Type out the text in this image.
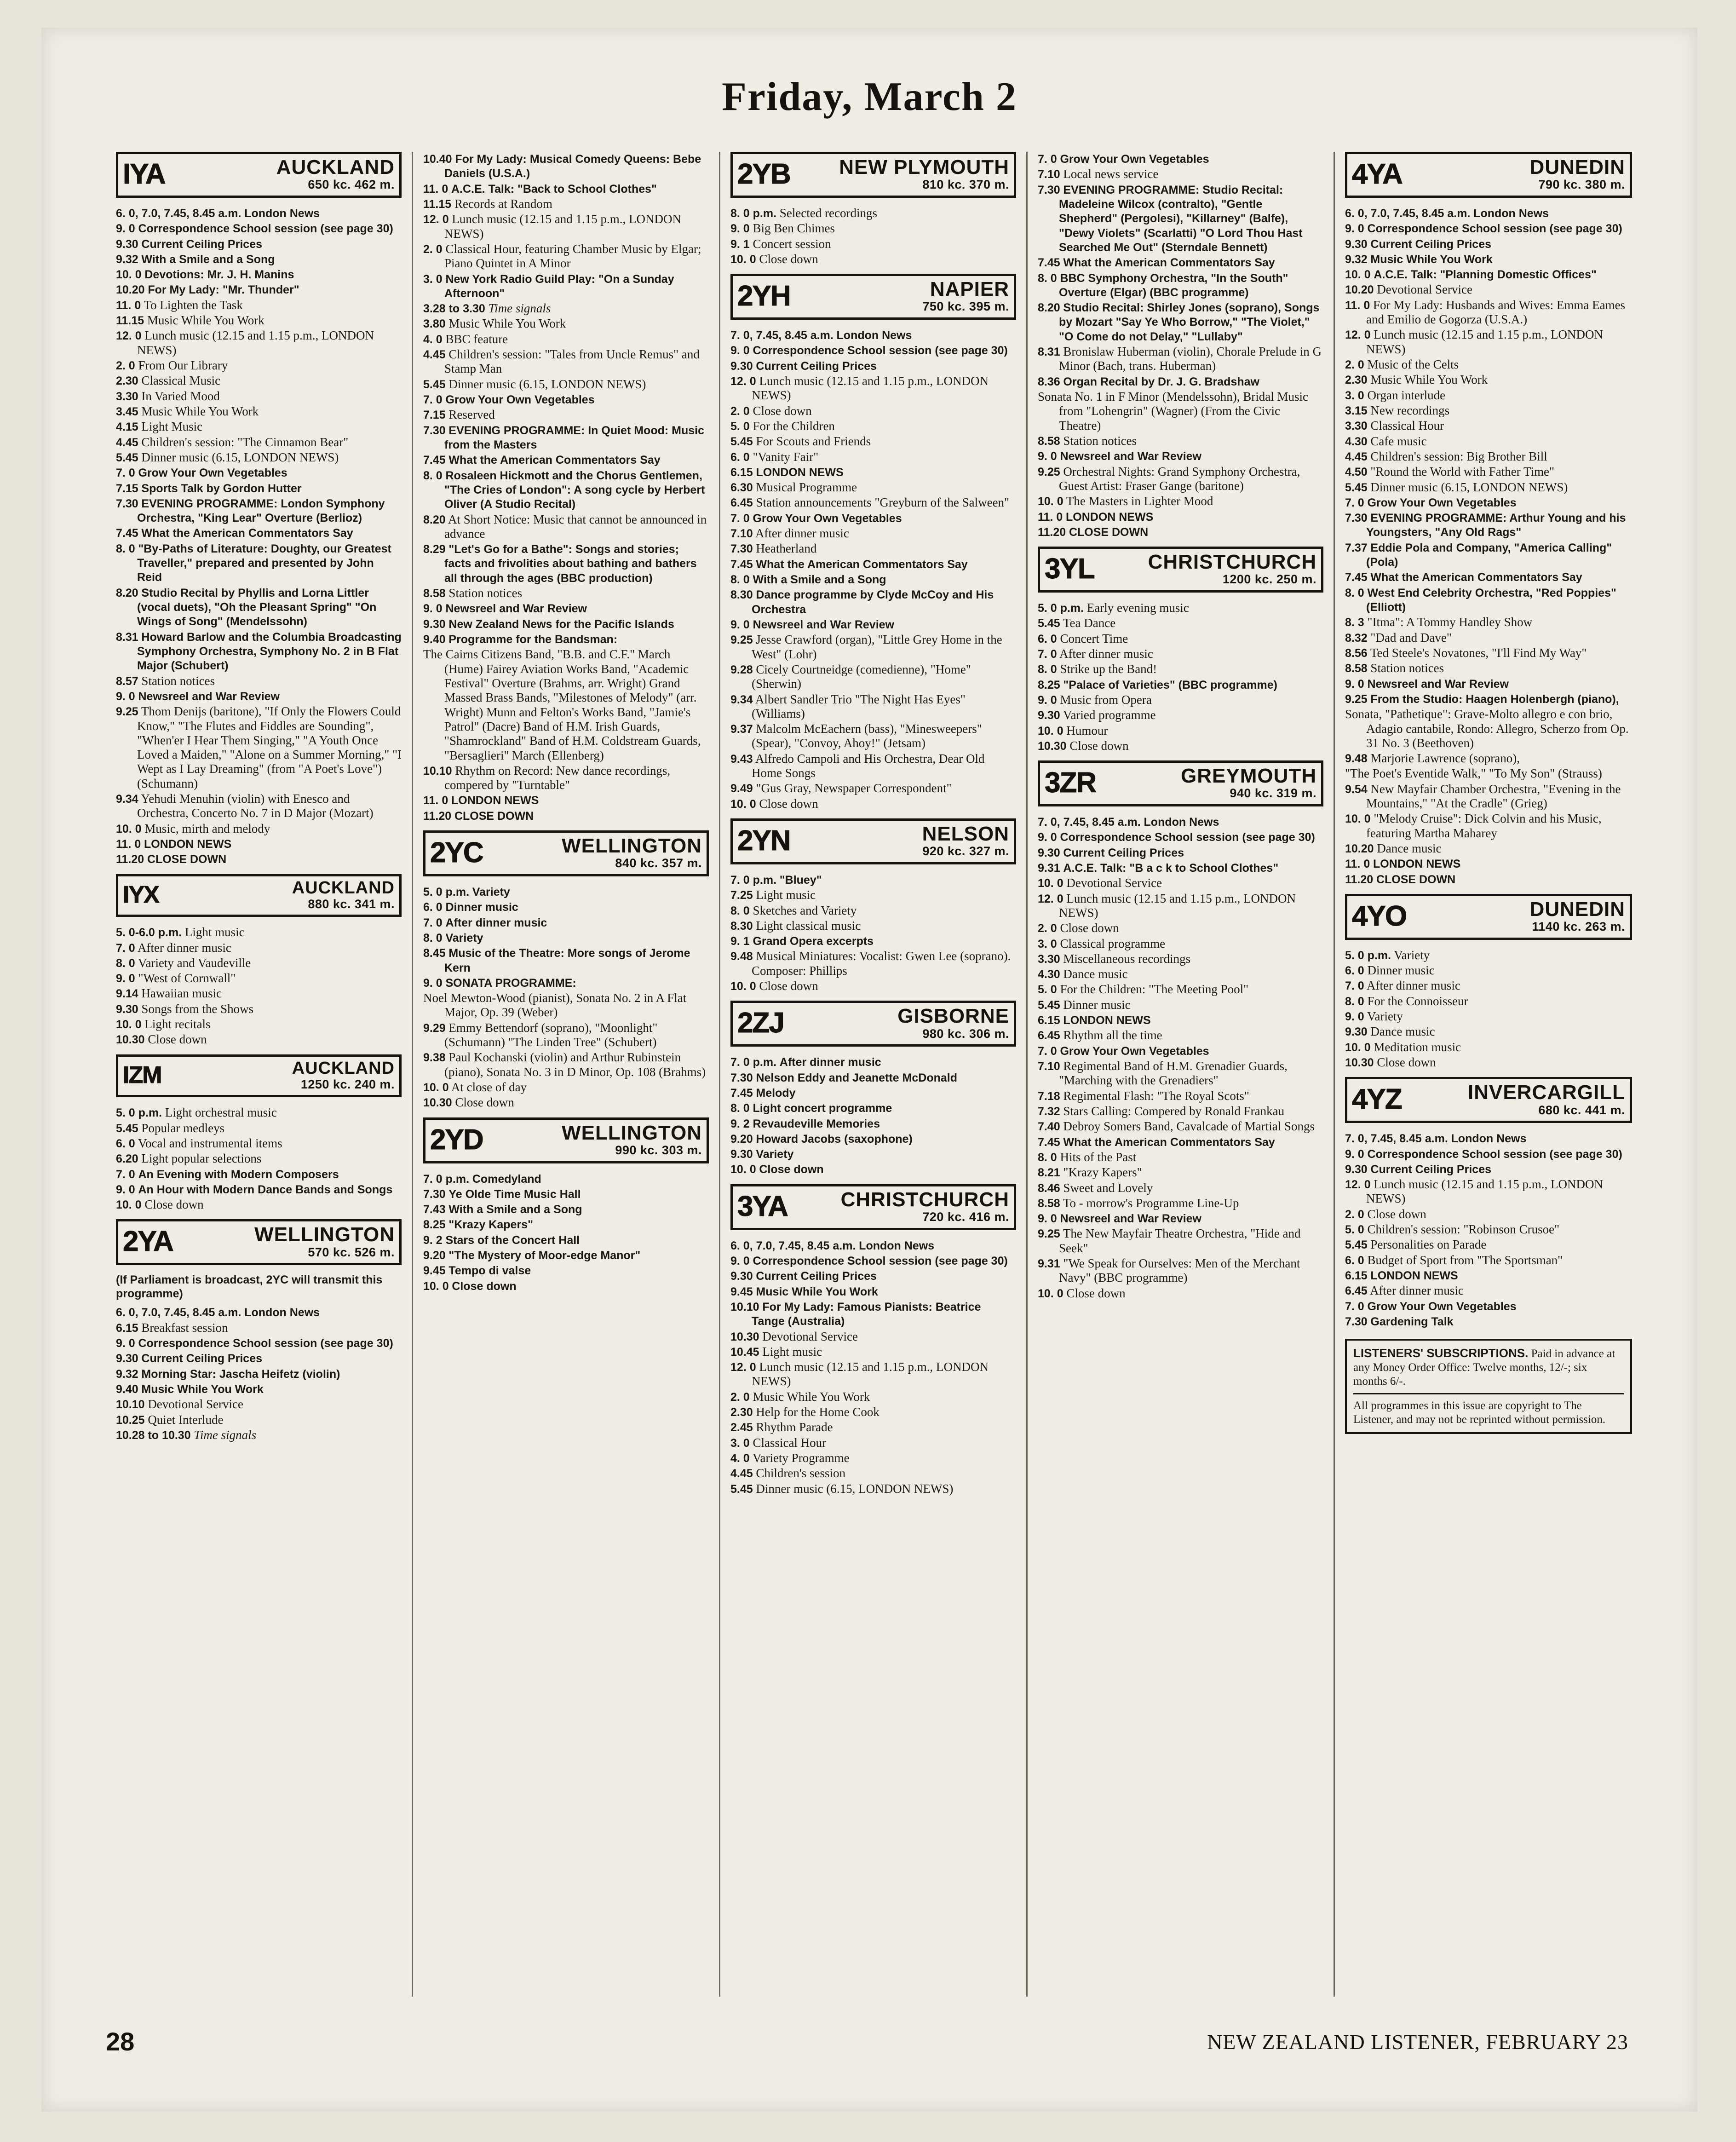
Friday, March 2
IYA	AUCKLAND
650 kc. 462 m.
6. 0, 7.0, 7.45, 8.45 a.m. London News
9. 0 Correspondence School session (see page 30)
9.30 Current Ceiling Prices
9.32 With a Smile and a Song
10. 0 Devotions: Mr. J. H. Manins
10.20 For My Lady: "Mr. Thunder"
11. 0 To Lighten the Task
11.15 Music While You Work
12. 0 Lunch music (12.15 and 1.15 p.m., LONDON NEWS)
2. 0 From Our Library
2.30 Classical Music
3.30 In Varied Mood
3.45 Music While You Work
4.15 Light Music
4.45 Children's session: "The Cinnamon Bear"
5.45 Dinner music (6.15, LONDON NEWS)
7. 0 Grow Your Own Vegetables
7.15 Sports Talk by Gordon Hutter
7.30 EVENING PROGRAMME: London Symphony Orchestra, "King Lear" Overture (Berlioz)
7.45 What the American Commentators Say
8. 0 "By-Paths of Literature: Doughty, our Greatest Traveller," prepared and presented by John Reid
8.20 Studio Recital by Phyllis and Lorna Littler (vocal duets), "Oh the Pleasant Spring" "On Wings of Song" (Mendelssohn)
8.31 Howard Barlow and the Columbia Broadcasting Symphony Orchestra, Symphony No. 2 in B Flat Major (Schubert)
8.57 Station notices
9. 0 Newsreel and War Review
9.25 Thom Denijs (baritone), "If Only the Flowers Could Know," "The Flutes and Fiddles are Sounding", "When'er I Hear Them Singing," "A Youth Once Loved a Maiden," "Alone on a Summer Morning," "I Wept as I Lay Dreaming" (from "A Poet's Love") (Schumann)
9.34 Yehudi Menuhin (violin) with Enesco and Orchestra, Concerto No. 7 in D Major (Mozart)
10. 0 Music, mirth and melody
11. 0 LONDON NEWS
11.20 CLOSE DOWN
IYX	AUCKLAND
880 kc. 341 m.
5. 0-6.0 p.m. Light music
7. 0 After dinner music
8. 0 Variety and Vaudeville
9. 0 "West of Cornwall"
9.14 Hawaiian music
9.30 Songs from the Shows
10. 0 Light recitals
10.30 Close down
IZM	AUCKLAND
1250 kc. 240 m.
5. 0 p.m. Light orchestral music
5.45 Popular medleys
6. 0 Vocal and instrumental items
6.20 Light popular selections
7. 0 An Evening with Modern Composers
9. 0 An Hour with Modern Dance Bands and Songs
10. 0 Close down
2YA	WELLINGTON
570 kc. 526 m.
(If Parliament is broadcast, 2YC will transmit this programme)
6. 0, 7.0, 7.45, 8.45 a.m. London News
6.15 Breakfast session
9. 0 Correspondence School session (see page 30)
9.30 Current Ceiling Prices
9.32 Morning Star: Jascha Heifetz (violin)
9.40 Music While You Work
10.10 Devotional Service
10.25 Quiet Interlude
10.28 to 10.30 Time signals
10.40 For My Lady: Musical Comedy Queens: Bebe Daniels (U.S.A.)
11. 0 A.C.E. Talk: "Back to School Clothes"
11.15 Records at Random
12. 0 Lunch music (12.15 and 1.15 p.m., LONDON NEWS)
2. 0 Classical Hour, featuring Chamber Music by Elgar; Piano Quintet in A Minor
3. 0 New York Radio Guild Play: "On a Sunday Afternoon"
3.28 to 3.30 Time signals
3.80 Music While You Work
4. 0 BBC feature
4.45 Children's session: "Tales from Uncle Remus" and Stamp Man
5.45 Dinner music (6.15, LONDON NEWS)
7. 0 Grow Your Own Vegetables
7.15 Reserved
7.30 EVENING PROGRAMME: In Quiet Mood: Music from the Masters
7.45 What the American Commentators Say
8. 0 Rosaleen Hickmott and the Chorus Gentlemen, "The Cries of London": A song cycle by Herbert Oliver (A Studio Recital)
8.20 At Short Notice: Music that cannot be announced in advance
8.29 "Let's Go for a Bathe": Songs and stories; facts and frivolities about bathing and bathers all through the ages (BBC production)
8.58 Station notices
9. 0 Newsreel and War Review
9.30 New Zealand News for the Pacific Islands
9.40 Programme for the Bandsman:
The Cairns Citizens Band, "B.B. and C.F." March (Hume) Fairey Aviation Works Band, "Academic Festival" Overture (Brahms, arr. Wright) Grand Massed Brass Bands, "Milestones of Melody" (arr. Wright) Munn and Felton's Works Band, "Jamie's Patrol" (Dacre) Band of H.M. Irish Guards, "Shamrockland" Band of H.M. Coldstream Guards, "Bersaglieri" March (Ellenberg)
10.10 Rhythm on Record: New dance recordings, compered by "Turntable"
11. 0 LONDON NEWS
11.20 CLOSE DOWN
2YC	WELLINGTON
840 kc. 357 m.
5. 0 p.m. Variety
6. 0 Dinner music
7. 0 After dinner music
8. 0 Variety
8.45 Music of the Theatre: More songs of Jerome Kern
9. 0 SONATA PROGRAMME:
Noel Mewton-Wood (pianist), Sonata No. 2 in A Flat Major, Op. 39 (Weber)
9.29 Emmy Bettendorf (soprano), "Moonlight" (Schumann) "The Linden Tree" (Schubert)
9.38 Paul Kochanski (violin) and Arthur Rubinstein (piano), Sonata No. 3 in D Minor, Op. 108 (Brahms)
10. 0 At close of day
10.30 Close down
2YD	WELLINGTON
990 kc. 303 m.
7. 0 p.m. Comedyland
7.30 Ye Olde Time Music Hall
7.43 With a Smile and a Song
8.25 "Krazy Kapers"
9. 2 Stars of the Concert Hall
9.20 "The Mystery of Moor-edge Manor"
9.45 Tempo di valse
10. 0 Close down
2YB	NEW PLYMOUTH
810 kc. 370 m.
8. 0 p.m. Selected recordings
9. 0 Big Ben Chimes
9. 1 Concert session
10. 0 Close down
2YH	NAPIER
750 kc. 395 m.
7. 0, 7.45, 8.45 a.m. London News
9. 0 Correspondence School session (see page 30)
9.30 Current Ceiling Prices
12. 0 Lunch music (12.15 and 1.15 p.m., LONDON NEWS)
2. 0 Close down
5. 0 For the Children
5.45 For Scouts and Friends
6. 0 "Vanity Fair"
6.15 LONDON NEWS
6.30 Musical Programme
6.45 Station announcements "Greyburn of the Salween"
7. 0 Grow Your Own Vegetables
7.10 After dinner music
7.30 Heatherland
7.45 What the American Commentators Say
8. 0 With a Smile and a Song
8.30 Dance programme by Clyde McCoy and His Orchestra
9. 0 Newsreel and War Review
9.25 Jesse Crawford (organ), "Little Grey Home in the West" (Lohr)
9.28 Cicely Courtneidge (comedienne), "Home" (Sherwin)
9.34 Albert Sandler Trio "The Night Has Eyes" (Williams)
9.37 Malcolm McEachern (bass), "Minesweepers" (Spear), "Convoy, Ahoy!" (Jetsam)
9.43 Alfredo Campoli and His Orchestra, Dear Old Home Songs
9.49 "Gus Gray, Newspaper Correspondent"
10. 0 Close down
2YN	NELSON
920 kc. 327 m.
7. 0 p.m. "Bluey"
7.25 Light music
8. 0 Sketches and Variety
8.30 Light classical music
9. 1 Grand Opera excerpts
9.48 Musical Miniatures: Vocalist: Gwen Lee (soprano). Composer: Phillips
10. 0 Close down
2ZJ	GISBORNE
980 kc. 306 m.
7. 0 p.m. After dinner music
7.30 Nelson Eddy and Jeanette McDonald
7.45 Melody
8. 0 Light concert programme
9. 2 Revaudeville Memories
9.20 Howard Jacobs (saxophone)
9.30 Variety
10. 0 Close down
3YA	CHRISTCHURCH
720 kc. 416 m.
6. 0, 7.0, 7.45, 8.45 a.m. London News
9. 0 Correspondence School session (see page 30)
9.30 Current Ceiling Prices
9.45 Music While You Work
10.10 For My Lady: Famous Pianists: Beatrice Tange (Australia)
10.30 Devotional Service
10.45 Light music
12. 0 Lunch music (12.15 and 1.15 p.m., LONDON NEWS)
2. 0 Music While You Work
2.30 Help for the Home Cook
2.45 Rhythm Parade
3. 0 Classical Hour
4. 0 Variety Programme
4.45 Children's session
5.45 Dinner music (6.15, LONDON NEWS)
7. 0 Grow Your Own Vegetables
7.10 Local news service
7.30 EVENING PROGRAMME: Studio Recital: Madeleine Wilcox (contralto), "Gentle Shepherd" (Pergolesi), "Killarney" (Balfe), "Dewy Violets" (Scarlatti) "O Lord Thou Hast Searched Me Out" (Sterndale Bennett)
7.45 What the American Commentators Say
8. 0 BBC Symphony Orchestra, "In the South" Overture (Elgar) (BBC programme)
8.20 Studio Recital: Shirley Jones (soprano), Songs by Mozart "Say Ye Who Borrow," "The Violet," "O Come do not Delay," "Lullaby"
8.31 Bronislaw Huberman (violin), Chorale Prelude in G Minor (Bach, trans. Huberman)
8.36 Organ Recital by Dr. J. G. Bradshaw
Sonata No. 1 in F Minor (Mendelssohn), Bridal Music from "Lohengrin" (Wagner) (From the Civic Theatre)
8.58 Station notices
9. 0 Newsreel and War Review
9.25 Orchestral Nights: Grand Symphony Orchestra, Guest Artist: Fraser Gange (baritone)
10. 0 The Masters in Lighter Mood
11. 0 LONDON NEWS
11.20 CLOSE DOWN
3YL	CHRISTCHURCH
1200 kc. 250 m.
5. 0 p.m. Early evening music
5.45 Tea Dance
6. 0 Concert Time
7. 0 After dinner music
8. 0 Strike up the Band!
8.25 "Palace of Varieties" (BBC programme)
9. 0 Music from Opera
9.30 Varied programme
10. 0 Humour
10.30 Close down
3ZR	GREYMOUTH
940 kc. 319 m.
7. 0, 7.45, 8.45 a.m. London News
9. 0 Correspondence School session (see page 30)
9.30 Current Ceiling Prices
9.31 A.C.E. Talk: "B a c k to School Clothes"
10. 0 Devotional Service
12. 0 Lunch music (12.15 and 1.15 p.m., LONDON NEWS)
2. 0 Close down
3. 0 Classical programme
3.30 Miscellaneous recordings
4.30 Dance music
5. 0 For the Children: "The Meeting Pool"
5.45 Dinner music
6.15 LONDON NEWS
6.45 Rhythm all the time
7. 0 Grow Your Own Vegetables
7.10 Regimental Band of H.M. Grenadier Guards, "Marching with the Grenadiers"
7.18 Regimental Flash: "The Royal Scots"
7.32 Stars Calling: Compered by Ronald Frankau
7.40 Debroy Somers Band, Cavalcade of Martial Songs
7.45 What the American Commentators Say
8. 0 Hits of the Past
8.21 "Krazy Kapers"
8.46 Sweet and Lovely
8.58 To - morrow's Programme Line-Up
9. 0 Newsreel and War Review
9.25 The New Mayfair Theatre Orchestra, "Hide and Seek"
9.31 "We Speak for Ourselves: Men of the Merchant Navy" (BBC programme)
10. 0 Close down
4YA	DUNEDIN
790 kc. 380 m.
6. 0, 7.0, 7.45, 8.45 a.m. London News
9. 0 Correspondence School session (see page 30)
9.30 Current Ceiling Prices
9.32 Music While You Work
10. 0 A.C.E. Talk: "Planning Domestic Offices"
10.20 Devotional Service
11. 0 For My Lady: Husbands and Wives: Emma Eames and Emilio de Gogorza (U.S.A.)
12. 0 Lunch music (12.15 and 1.15 p.m., LONDON NEWS)
2. 0 Music of the Celts
2.30 Music While You Work
3. 0 Organ interlude
3.15 New recordings
3.30 Classical Hour
4.30 Cafe music
4.45 Children's session: Big Brother Bill
4.50 "Round the World with Father Time"
5.45 Dinner music (6.15, LONDON NEWS)
7. 0 Grow Your Own Vegetables
7.30 EVENING PROGRAMME: Arthur Young and his Youngsters, "Any Old Rags"
7.37 Eddie Pola and Company, "America Calling" (Pola)
7.45 What the American Commentators Say
8. 0 West End Celebrity Orchestra, "Red Poppies" (Elliott)
8. 3 "Itma": A Tommy Handley Show
8.32 "Dad and Dave"
8.56 Ted Steele's Novatones, "I'll Find My Way"
8.58 Station notices
9. 0 Newsreel and War Review
9.25 From the Studio: Haagen Holenbergh (piano),
Sonata, "Pathetique": Grave-Molto allegro e con brio, Adagio cantabile, Rondo: Allegro, Scherzo from Op. 31 No. 3 (Beethoven)
9.48 Marjorie Lawrence (soprano),
"The Poet's Eventide Walk," "To My Son" (Strauss)
9.54 New Mayfair Chamber Orchestra, "Evening in the Mountains," "At the Cradle" (Grieg)
10. 0 "Melody Cruise": Dick Colvin and his Music, featuring Martha Maharey
10.20 Dance music
11. 0 LONDON NEWS
11.20 CLOSE DOWN
4YO	DUNEDIN
1140 kc. 263 m.
5. 0 p.m. Variety
6. 0 Dinner music
7. 0 After dinner music
8. 0 For the Connoisseur
9. 0 Variety
9.30 Dance music
10. 0 Meditation music
10.30 Close down
4YZ	INVERCARGILL
680 kc. 441 m.
7. 0, 7.45, 8.45 a.m. London News
9. 0 Correspondence School session (see page 30)
9.30 Current Ceiling Prices
12. 0 Lunch music (12.15 and 1.15 p.m., LONDON NEWS)
2. 0 Close down
5. 0 Children's session: "Robinson Crusoe"
5.45 Personalities on Parade
6. 0 Budget of Sport from "The Sportsman"
6.15 LONDON NEWS
6.45 After dinner music
7. 0 Grow Your Own Vegetables
7.30 Gardening Talk
LISTENERS' SUBSCRIPTIONS. Paid in advance at any Money Order Office: Twelve months, 12/-; six months 6/-.
All programmes in this issue are copyright to The Listener, and may not be reprinted without permission.
28	NEW ZEALAND LISTENER, FEBRUARY 23
